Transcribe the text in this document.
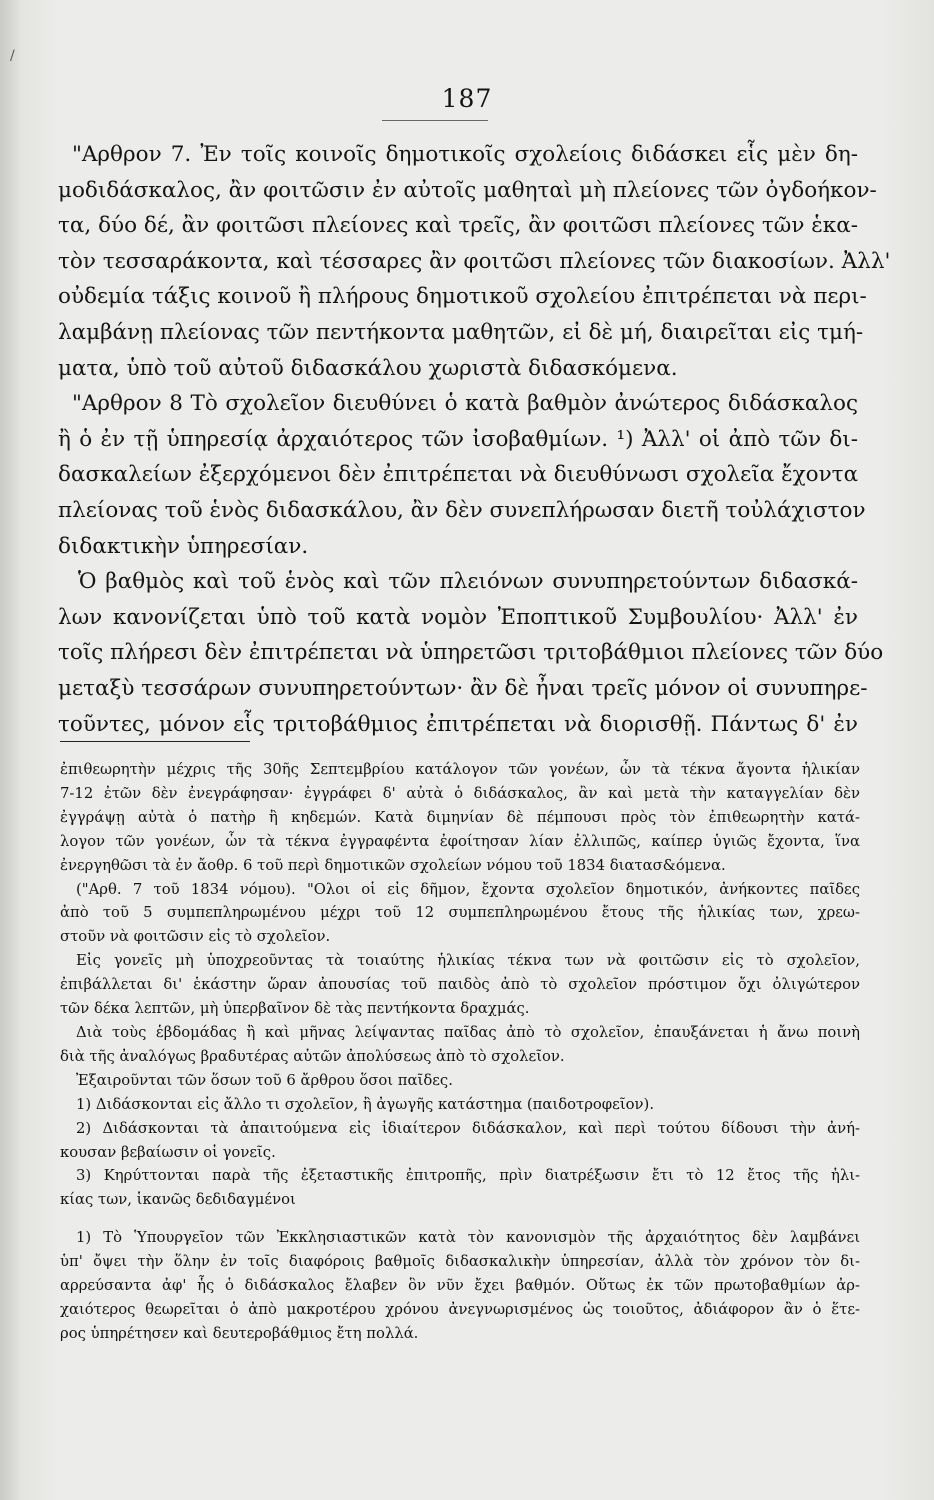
/
187
"Αρθρον 7. Ἐν τοῖς κοινοῖς δημοτικοῖς σχολείοις διδάσκει εἷς μὲν δη-
μοδιδάσκαλος, ἂν φοιτῶσιν ἐν αὐτοῖς μαθηταὶ μὴ πλείονες τῶν ὀγδοήκον-
τα, δύο δέ, ἂν φοιτῶσι πλείονες καὶ τρεῖς, ἂν φοιτῶσι πλείονες τῶν ἑκα-
τὸν τεσσαράκοντα, καὶ τέσσαρες ἂν φοιτῶσι πλείονες τῶν διακοσίων. Ἀλλ'
οὐδεμία τάξις κοινοῦ ἢ πλήρους δημοτικοῦ σχολείου ἐπιτρέπεται νὰ περι-
λαμβάνῃ πλείονας τῶν πεντήκοντα μαθητῶν, εἰ δὲ μή, διαιρεῖται εἰς τμή-
ματα, ὑπὸ τοῦ αὐτοῦ διδασκάλου χωριστὰ διδασκόμενα.
"Αρθρον 8 Τὸ σχολεῖον διευθύνει ὁ κατὰ βαθμὸν ἀνώτερος διδάσκαλος
ἢ ὁ ἐν τῇ ὑπηρεσίᾳ ἀρχαιότερος τῶν ἰσοβαθμίων. ¹) Ἀλλ' οἱ ἀπὸ τῶν δι-
δασκαλείων ἐξερχόμενοι δὲν ἐπιτρέπεται νὰ διευθύνωσι σχολεῖα ἔχοντα
πλείονας τοῦ ἑνὸς διδασκάλου, ἂν δὲν συνεπλήρωσαν διετῆ τοὐλάχιστον
διδακτικὴν ὑπηρεσίαν.
Ὁ βαθμὸς καὶ τοῦ ἑνὸς καὶ τῶν πλειόνων συνυπηρετούντων διδασκά-
λων κανονίζεται ὑπὸ τοῦ κατὰ νομὸν Ἐποπτικοῦ Συμβουλίου· Ἀλλ' ἐν
τοῖς πλήρεσι δὲν ἐπιτρέπεται νὰ ὑπηρετῶσι τριτοβάθμιοι πλείονες τῶν δύο
μεταξὺ τεσσάρων συνυπηρετούντων· ἂν δὲ ἦναι τρεῖς μόνον οἱ συνυπηρε-
τοῦντες, μόνον εἷς τριτοβάθμιος ἐπιτρέπεται νὰ διορισθῇ. Πάντως δ' ἐν
ἐπιθεωρητὴν μέχρις τῆς 30ῆς Σεπτεμβρίου κατάλογον τῶν γονέων, ὧν τὰ τέκνα ἄγοντα ἡλικίαν
7-12 ἐτῶν δὲν ἐνεγράφησαν· ἐγγράφει δ' αὐτὰ ὁ διδάσκαλος, ἂν καὶ μετὰ τὴν καταγγελίαν δὲν
ἐγγράψῃ αὐτὰ ὁ πατὴρ ἢ κηδεμών. Κατὰ διμηνίαν δὲ πέμπουσι πρὸς τὸν ἐπιθεωρητὴν κατά-
λογον τῶν γονέων, ὧν τὰ τέκνα ἐγγραφέντα ἐφοίτησαν λίαν ἐλλιπῶς, καίπερ ὑγιῶς ἔχοντα, ἵνα
ἐνεργηθῶσι τὰ ἐν ἄοθρ. 6 τοῦ περὶ δημοτικῶν σχολείων νόμου τοῦ 1834 διατασ&όμενα.
("Αρθ. 7 τοῦ 1834 νόμου). "Ολοι οἱ εἰς δῆμον, ἔχοντα σχολεῖον δημοτικόν, ἀνήκοντες παῖδες
ἀπὸ τοῦ 5 συμπεπληρωμένου μέχρι τοῦ 12 συμπεπληρωμένου ἔτους τῆς ἡλικίας των, χρεω-
στοῦν νὰ φοιτῶσιν εἰς τὸ σχολεῖον.
Εἰς γονεῖς μὴ ὑποχρεοῦντας τὰ τοιαύτης ἡλικίας τέκνα των νὰ φοιτῶσιν εἰς τὸ σχολεῖον,
ἐπιβάλλεται δι' ἑκάστην ὥραν ἀπουσίας τοῦ παιδὸς ἀπὸ τὸ σχολεῖον πρόστιμον ὄχι ὀλιγώτερον
τῶν δέκα λεπτῶν, μὴ ὑπερβαῖνον δὲ τὰς πεντήκοντα δραχμάς.
Διὰ τοὺς ἑβδομάδας ἢ καὶ μῆνας λείψαντας παῖδας ἀπὸ τὸ σχολεῖον, ἐπαυξάνεται ἡ ἄνω ποινὴ
διὰ τῆς ἀναλόγως βραδυτέρας αὐτῶν ἀπολύσεως ἀπὸ τὸ σχολεῖον.
Ἐξαιροῦνται τῶν ὅσων τοῦ 6 ἄρθρου ὅσοι παῖδες.
1) Διδάσκονται εἰς ἄλλο τι σχολεῖον, ἢ ἀγωγῆς κατάστημα (παιδοτροφεῖον).
2) Διδάσκονται τὰ ἀπαιτούμενα εἰς ἰδιαίτερον διδάσκαλον, καὶ περὶ τούτου δίδουσι τὴν ἀνή-
κουσαν βεβαίωσιν οἱ γονεῖς.
3) Κηρύττονται παρὰ τῆς ἐξεταστικῆς ἐπιτροπῆς, πρὶν διατρέξωσιν ἔτι τὸ 12 ἔτος τῆς ἡλι-
κίας των, ἱκανῶς δεδιδαγμένοι
1) Τὸ Ὑπουργεῖον τῶν Ἐκκλησιαστικῶν κατὰ τὸν κανονισμὸν τῆς ἀρχαιότητος δὲν λαμβάνει
ὑπ' ὄψει τὴν ὅλην ἐν τοῖς διαφόροις βαθμοῖς διδασκαλικὴν ὑπηρεσίαν, ἀλλὰ τὸν χρόνον τὸν δι-
αρρεύσαντα ἀφ' ἧς ὁ διδάσκαλος ἔλαβεν ὃν νῦν ἔχει βαθμόν. Οὕτως ἐκ τῶν πρωτοβαθμίων ἀρ-
χαιότερος θεωρεῖται ὁ ἀπὸ μακροτέρου χρόνου ἀνεγνωρισμένος ὡς τοιοῦτος, ἀδιάφορον ἂν ὁ ἕτε-
ρος ὑπηρέτησεν καὶ δευτεροβάθμιος ἔτη πολλά.
